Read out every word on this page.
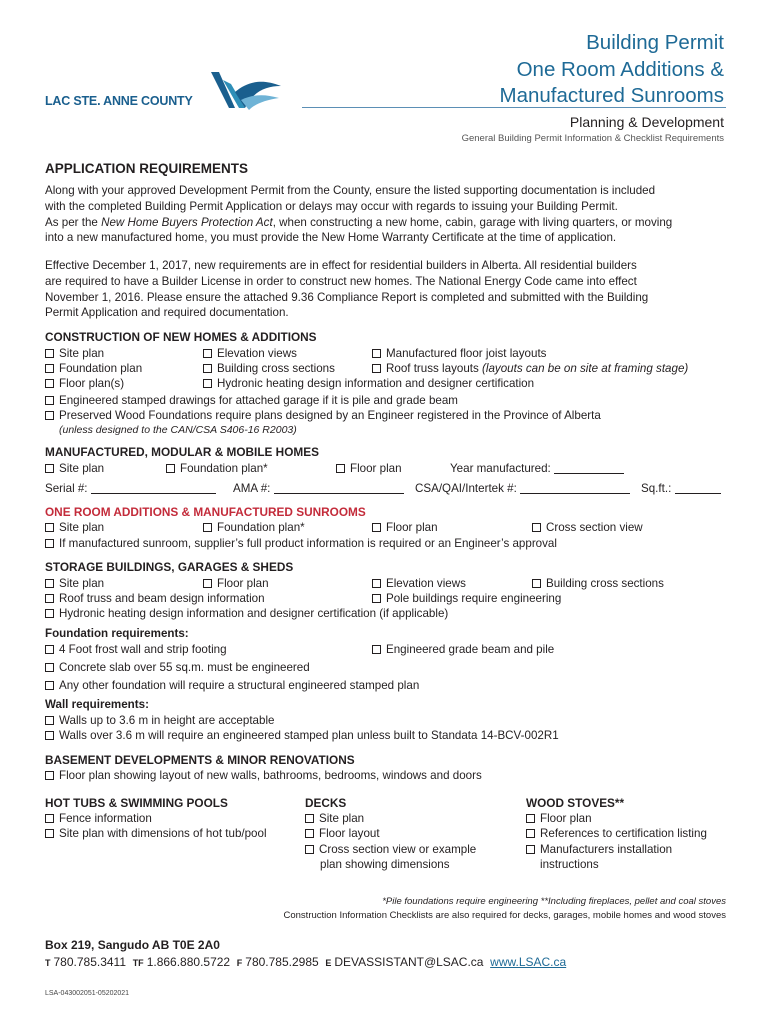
LAC STE. ANNE COUNTY
Building Permit
One Room Additions &
Manufactured Sunrooms
Planning & Development
General Building Permit Information & Checklist Requirements
APPLICATION REQUIREMENTS
Along with your approved Development Permit from the County, ensure the listed supporting documentation is included
with the completed Building Permit Application or delays may occur with regards to issuing your Building Permit.
As per the New Home Buyers Protection Act, when constructing a new home, cabin, garage with living quarters, or moving
into a new manufactured home, you must provide the New Home Warranty Certificate at the time of application.
Effective December 1, 2017, new requirements are in effect for residential builders in Alberta. All residential builders
are required to have a Builder License in order to construct new homes. The National Energy Code came into effect
November 1, 2016. Please ensure the attached 9.36 Compliance Report is completed and submitted with the Building
Permit Application and required documentation.
CONSTRUCTION OF NEW HOMES & ADDITIONS
Site plan	Elevation views	Manufactured floor joist layouts
Foundation plan	Building cross sections	Roof truss layouts (layouts can be on site at framing stage)
Floor plan(s)	Hydronic heating design information and designer certification
Engineered stamped drawings for attached garage if it is pile and grade beam
Preserved Wood Foundations require plans designed by an Engineer registered in the Province of Alberta
(unless designed to the CAN/CSA S406-16 R2003)
MANUFACTURED, MODULAR & MOBILE HOMES
Site plan	Foundation plan*	Floor plan	Year manufactured:
Serial #:	AMA #:	CSA/QAI/Intertek #:	Sq.ft.:
ONE ROOM ADDITIONS & MANUFACTURED SUNROOMS
Site plan	Foundation plan*	Floor plan	Cross section view
If manufactured sunroom, supplier’s full product information is required or an Engineer’s approval
STORAGE BUILDINGS, GARAGES & SHEDS
Site plan	Floor plan	Elevation views	Building cross sections
Roof truss and beam design information	Pole buildings require engineering
Hydronic heating design information and designer certification (if applicable)
Foundation requirements:
4 Foot frost wall and strip footing	Engineered grade beam and pile
Concrete slab over 55 sq.m. must be engineered
Any other foundation will require a structural engineered stamped plan
Wall requirements:
Walls up to 3.6 m in height are acceptable
Walls over 3.6 m will require an engineered stamped plan unless built to Standata 14-BCV-002R1
BASEMENT DEVELOPMENTS & MINOR RENOVATIONS
Floor plan showing layout of new walls, bathrooms, bedrooms, windows and doors
HOT TUBS & SWIMMING POOLS
Fence information
Site plan with dimensions of hot tub/pool
DECKS
Site plan
Floor layout
Cross section view or example
plan showing dimensions
WOOD STOVES**
Floor plan
References to certification listing
Manufacturers installation
instructions
*Pile foundations require engineering **Including fireplaces, pellet and coal stoves
Construction Information Checklists are also required for decks, garages, mobile homes and wood stoves
Box 219, Sangudo AB T0E 2A0
T 780.785.3411 TF 1.866.880.5722 F 780.785.2985 E DEVASSISTANT@LSAC.ca www.LSAC.ca
LSA-043002051-05202021
